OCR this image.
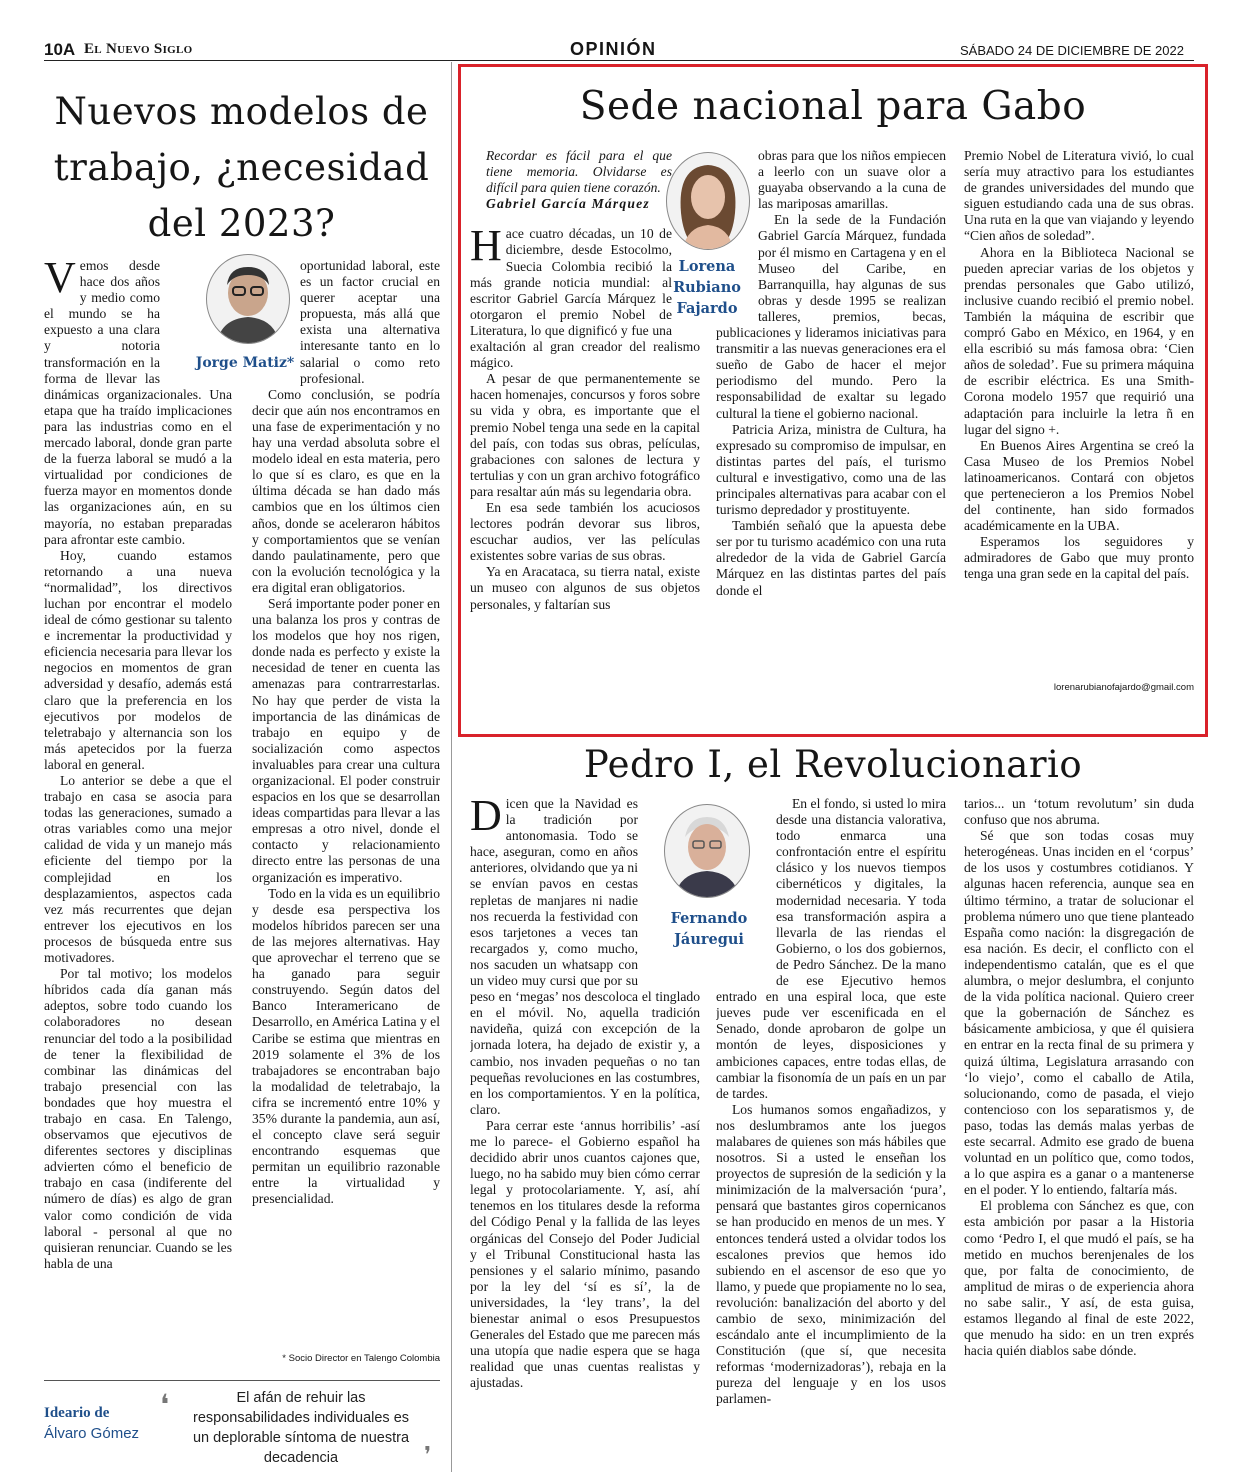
10A El Nuevo Siglo	OPINIÓN	SÁBADO 24 DE DICIEMBRE DE 2022
Nuevos modelos de trabajo, ¿necesidad del 2023?
Jorge Matiz*

Vemos desde hace dos años y medio como el mundo se ha expuesto a una clara y notoria transformación en la forma de llevar las dinámicas organizacionales. Una etapa que ha traído implicaciones para las industrias como en el mercado laboral, donde gran parte de la fuerza laboral se mudó a la virtualidad por condiciones de fuerza mayor en momentos donde las organizaciones aún, en su mayoría, no estaban preparadas para afrontar este cambio.

Hoy, cuando estamos retornando a una nueva “normalidad”, los directivos luchan por encontrar el modelo ideal de cómo gestionar su talento e incrementar la productividad y eficiencia necesaria para llevar los negocios en momentos de gran adversidad y desafío, además está claro que la preferencia en los ejecutivos por modelos de teletrabajo y alternancia son los más apetecidos por la fuerza laboral en general.

Lo anterior se debe a que el trabajo en casa se asocia para todas las generaciones, sumado a otras variables como una mejor calidad de vida y un manejo más eficiente del tiempo por la complejidad en los desplazamientos, aspectos cada vez más recurrentes que dejan entrever los ejecutivos en los procesos de búsqueda entre sus motivadores.

Por tal motivo; los modelos híbridos cada día ganan más adeptos, sobre todo cuando los colaboradores no desean renunciar del todo a la posibilidad de tener la flexibilidad de combinar las dinámicas del trabajo presencial con las bondades que hoy muestra el trabajo en casa. En Talengo, observamos que ejecutivos de diferentes sectores y disciplinas advierten cómo el beneficio de trabajo en casa (indiferente del número de días) es algo de gran valor como condición de vida laboral - personal al que no quisieran renunciar. Cuando se les habla de una

oportunidad laboral, este es un factor crucial en querer aceptar una propuesta, más allá que exista una alternativa interesante tanto en lo salarial o como reto profesional.

Como conclusión, se podría decir que aún nos encontramos en una fase de experimentación y no hay una verdad absoluta sobre el modelo ideal en esta materia, pero lo que sí es claro, es que en la última década se han dado más cambios que en los últimos cien años, donde se aceleraron hábitos y comportamientos que se venían dando paulatinamente, pero que con la evolución tecnológica y la era digital eran obligatorios.

Será importante poder poner en una balanza los pros y contras de los modelos que hoy nos rigen, donde nada es perfecto y existe la necesidad de tener en cuenta las amenazas para contrarrestarlas. No hay que perder de vista la importancia de las dinámicas de trabajo en equipo y de socialización como aspectos invaluables para crear una cultura organizacional. El poder construir espacios en los que se desarrollan ideas compartidas para llevar a las empresas a otro nivel, donde el contacto y relacionamiento directo entre las personas de una organización es imperativo.

Todo en la vida es un equilibrio y desde esa perspectiva los modelos híbridos parecen ser una de las mejores alternativas. Hay que aprovechar el terreno que se ha ganado para seguir construyendo. Según datos del Banco Interamericano de Desarrollo, en América Latina y el Caribe se estima que mientras en 2019 solamente el 3% de los trabajadores se encontraban bajo la modalidad de teletrabajo, la cifra se incrementó entre 10% y 35% durante la pandemia, aun así, el concepto clave será seguir encontrando esquemas que permitan un equilibrio razonable entre la virtualidad y presencialidad.

* Socio Director en Talengo Colombia
Ideario de
Álvaro Gómez
❛	El afán de rehuir las responsabilidades individuales es un deplorable síntoma de nuestra decadencia	❜
Sede nacional para Gabo

Recordar es fácil para el que tiene memoria. Olvidarse es difícil para quien tiene corazón.

Gabriel García Márquez

Hace cuatro décadas, un 10 de diciembre, desde Estocolmo, Suecia Colombia recibió la más grande noticia mundial: al escritor Gabriel García Márquez le otorgaron el premio Nobel de Literatura, lo que dignificó y fue una exaltación al gran creador del realismo mágico.

A pesar de que permanentemente se hacen homenajes, concursos y foros sobre su vida y obra, es importante que el premio Nobel tenga una sede en la capital del país, con todas sus obras, películas, grabaciones con salones de lectura y tertulias y con un gran archivo fotográfico para resaltar aún más su legendaria obra.

En esa sede también los acuciosos lectores podrán devorar sus libros, escuchar audios, ver las películas existentes sobre varias de sus obras.

Ya en Aracataca, su tierra natal, existe un museo con algunos de sus objetos personales, y faltarían sus

Lorena Rubiano Fajardo

obras para que los niños empiecen a leerlo con un suave olor a guayaba observando a la cuna de las mariposas amarillas.

En la sede de la Fundación Gabriel García Márquez, fundada por él mismo en Cartagena y en el Museo del Caribe, en Barranquilla, hay algunas de sus obras y desde 1995 se realizan talleres, premios, becas, publicaciones y lideramos iniciativas para transmitir a las nuevas generaciones era el sueño de Gabo de hacer el mejor periodismo del mundo. Pero la responsabilidad de exaltar su legado cultural la tiene el gobierno nacional.

Patricia Ariza, ministra de Cultura, ha expresado su compromiso de impulsar, en distintas partes del país, el turismo cultural e investigativo, como una de las principales alternativas para acabar con el turismo depredador y prostituyente.

También señaló que la apuesta debe ser por tu turismo académico con una ruta alrededor de la vida de Gabriel García Márquez en las distintas partes del país donde el

Premio Nobel de Literatura vivió, lo cual sería muy atractivo para los estudiantes de grandes universidades del mundo que siguen estudiando cada una de sus obras. Una ruta en la que van viajando y leyendo “Cien años de soledad”.

Ahora en la Biblioteca Nacional se pueden apreciar varias de los objetos y prendas personales que Gabo utilizó, inclusive cuando recibió el premio nobel. También la máquina de escribir que compró Gabo en México, en 1964, y en ella escribió su más famosa obra: ‘Cien años de soledad’. Fue su primera máquina de escribir eléctrica. Es una Smith-Corona modelo 1957 que requirió una adaptación para incluirle la letra ñ en lugar del signo +.

En Buenos Aires Argentina se creó la Casa Museo de los Premios Nobel latinoamericanos. Contará con objetos que pertenecieron a los Premios Nobel del continente, han sido formados académicamente en la UBA.

Esperamos los seguidores y admiradores de Gabo que muy pronto tenga una gran sede en la capital del país.

lorenarubianofajardo@gmail.com
Pedro I, el Revolucionario

Dicen que la Navidad es la tradición por antonomasia. Todo se hace, aseguran, como en años anteriores, olvidando que ya ni se envían pavos en cestas repletas de manjares ni nadie nos recuerda la festividad con esos tarjetones a veces tan recargados y, como mucho, nos sacuden un whatsapp con un video muy cursi que por su peso en ‘megas’ nos descoloca el tinglado en el móvil. No, aquella tradición navideña, quizá con excepción de la jornada lotera, ha dejado de existir y, a cambio, nos invaden pequeñas o no tan pequeñas revoluciones en las costumbres, en los comportamientos. Y en la política, claro.

Para cerrar este ‘annus horribilis’ -así me lo parece- el Gobierno español ha decidido abrir unos cuantos cajones que, luego, no ha sabido muy bien cómo cerrar legal y protocolariamente. Y, así, ahí tenemos en los titulares desde la reforma del Código Penal y la fallida de las leyes orgánicas del Consejo del Poder Judicial y el Tribunal Constitucional hasta las pensiones y el salario mínimo, pasando por la ley del ‘sí es sí’, la de universidades, la ‘ley trans’, la del bienestar animal o esos Presupuestos Generales del Estado que me parecen más una utopía que nadie espera que se haga realidad que unas cuentas realistas y ajustadas.

Fernando Jáuregui

En el fondo, si usted lo mira desde una distancia valorativa, todo enmarca una confrontación entre el espíritu clásico y los nuevos tiempos cibernéticos y digitales, la modernidad necesaria. Y toda esa transformación aspira a llevarla de las riendas el Gobierno, o los dos gobiernos, de Pedro Sánchez. De la mano de ese Ejecutivo hemos entrado en una espiral loca, que este jueves pude ver escenificada en el Senado, donde aprobaron de golpe un montón de leyes, disposiciones y ambiciones capaces, entre todas ellas, de cambiar la fisonomía de un país en un par de tardes.

Los humanos somos engañadizos, y nos deslumbramos ante los juegos malabares de quienes son más hábiles que nosotros. Si a usted le enseñan los proyectos de supresión de la sedición y la minimización de la malversación ‘pura’, pensará que bastantes giros copernicanos se han producido en menos de un mes. Y entonces tenderá usted a olvidar todos los escalones previos que hemos ido subiendo en el ascensor de eso que yo llamo, y puede que propiamente no lo sea, revolución: banalización del aborto y del cambio de sexo, minimización del escándalo ante el incumplimiento de la Constitución (que sí, que necesita reformas ‘modernizadoras’), rebaja en la pureza del lenguaje y en los usos parlamen-

tarios... un ‘totum revolutum’ sin duda confuso que nos abruma.

Sé que son todas cosas muy heterogéneas. Unas inciden en el ‘corpus’ de los usos y costumbres cotidianos. Y algunas hacen referencia, aunque sea en último término, a tratar de solucionar el problema número uno que tiene planteado España como nación: la disgregación de esa nación. Es decir, el conflicto con el independentismo catalán, que es el que alumbra, o mejor deslumbra, el conjunto de la vida política nacional. Quiero creer que la gobernación de Sánchez es básicamente ambiciosa, y que él quisiera en entrar en la recta final de su primera y quizá última, Legislatura arrasando con ‘lo viejo’, como el caballo de Atila, solucionando, como de pasada, el viejo contencioso con los separatismos y, de paso, todas las demás malas yerbas de este secarral. Admito ese grado de buena voluntad en un político que, como todos, a lo que aspira es a ganar o a mantenerse en el poder. Y lo entiendo, faltaría más.

El problema con Sánchez es que, con esta ambición por pasar a la Historia como ‘Pedro I, el que mudó el país, se ha metido en muchos berenjenales de los que, por falta de conocimiento, de amplitud de miras o de experiencia ahora no sabe salir., Y así, de esta guisa, estamos llegando al final de este 2022, que menudo ha sido: en un tren exprés hacia quién diablos sabe dónde.
